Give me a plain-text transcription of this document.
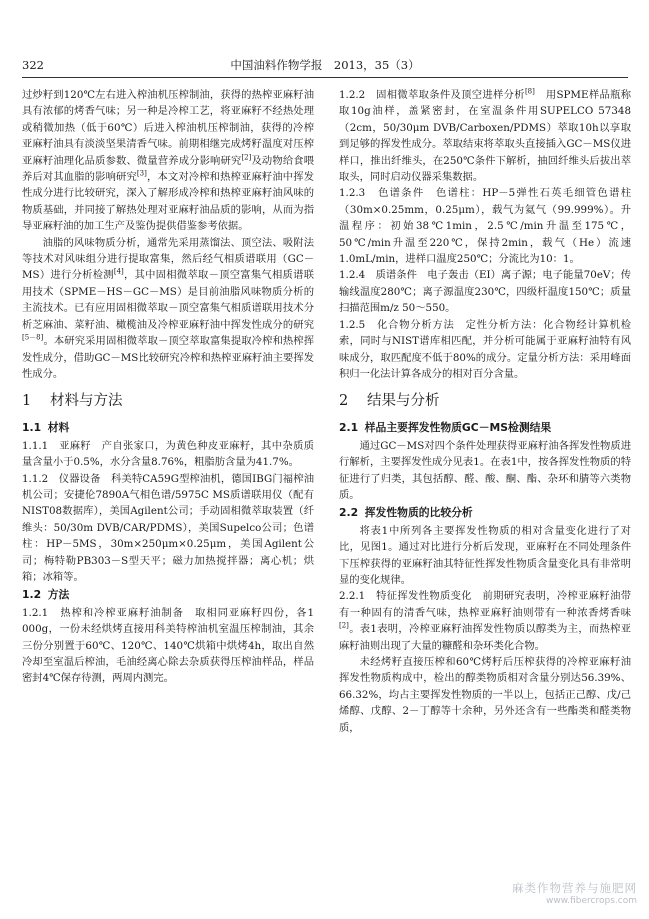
322	中国油料作物学报　2013，35（3）

过炒籽到120℃左右进入榨油机压榨制油，获得的热榨亚麻籽油具有浓郁的烤香气味；另一种是冷榨工艺，将亚麻籽不经热处理或稍微加热（低于60℃）后进入榨油机压榨制油，获得的冷榨亚麻籽油具有淡淡坚果清香气味。前期相继完成烤籽温度对压榨亚麻籽油理化品质参数、微量营养成分影响研究[2]及动物给食喂养后对其血脂的影响研究[3]，本文对冷榨和热榨亚麻籽油中挥发性成分进行比较研究，深入了解形成冷榨和热榨亚麻籽油风味的物质基础，并同接了解热处理对亚麻籽油品质的影响，从而为指导亚麻籽油的加工生产及鉴伪提供借鉴参考依据。

油脂的风味物质分析，通常先采用蒸馏法、顶空法、吸附法等技术对风味组分进行提取富集，然后经气相质谱联用（GC－MS）进行分析检测[4]，其中固相微萃取－顶空富集气相质谱联用技术（SPME－HS－GC－MS）是目前油脂风味物质分析的主流技术。已有应用固相微萃取－顶空富集气相质谱联用技术分析芝麻油、菜籽油、橄榄油及冷榨亚麻籽油中挥发性成分的研究[5－8]。本研究采用固相微萃取－顶空萃取富集提取冷榨和热榨挥发性成分，借助GC－MS比较研究冷榨和热榨亚麻籽油主要挥发性成分。

1 材料与方法
1.1 材料

1.1.1　亚麻籽　产自张家口，为黄色种皮亚麻籽，其中杂质质量含量小于0.5%，水分含量8.76%，粗脂肪含量为41.7%。

1.1.2　仪器设备　科美特CA59G型榨油机，德国IBG门福榨油机公司；安捷伦7890A气相色谱/5975C MS质谱联用仪（配有NIST08数据库），美国Agilent公司；手动固相微萃取装置（纤维头：50/30m DVB/CAR/PDMS），美国Supelco公司；色谱柱：HP－5MS，30m×250μm×0.25μm，美国Agilent公司；梅特勒PB303－S型天平；磁力加热搅拌器；离心机；烘箱；冰箱等。

1.2 方法

1.2.1　热榨和冷榨亚麻籽油制备　取相同亚麻籽四份，各1 000g，一份未经烘烤直接用科美特榨油机室温压榨制油，其余三份分别置于60℃、120℃、140℃烘箱中烘烤4h，取出自然冷却至室温后榨油，毛油经离心除去杂质获得压榨油样品，样品密封4℃保存待测，两周内测完。

1.2.2　固相微萃取条件及顶空进样分析[8]　用SPME样品瓶称取10g油样，盖紧密封，在室温条件用SUPELCO 57348（2cm，50/30μm DVB/Carboxen/PDMS）萃取10h以享取到足够的挥发性成分。萃取结束将萃取头直接插入GC－MS仪进样口，推出纤维头，在250℃条件下解析，抽回纤维头后拔出萃取头，同时启动仪器采集数据。

1.2.3　色谱条件　色谱柱：HP－5弹性石英毛细管色谱柱（30m×0.25mm，0.25μm），载气为氦气（99.999%）。升温程序：初始38℃1min，2.5℃/min升温至175℃，50℃/min升温至220℃，保持2min，载气（He）流速1.0mL/min，进样口温度250℃；分流比为10：1。

1.2.4　质谱条件　电子轰击（EI）离子源；电子能量70eV；传输线温度280℃；离子源温度230℃，四级杆温度150℃；质量扫描范围m/z 50～550。

1.2.5　化合物分析方法　定性分析方法：化合物经计算机检索，同时与NIST谱库相匹配，并分析可能属于亚麻籽油特有风味成分，取匹配度不低于80%的成分。定量分析方法：采用峰面积归一化法计算各成分的相对百分含量。

2 结果与分析
2.1 样品主要挥发性物质GC－MS检测结果

通过GC－MS对四个条件处理获得亚麻籽油各挥发性物质进行解析，主要挥发性成分见表1。在表1中，按各挥发性物质的特征进行了归类，其包括醇、醛、酸、酮、酯、杂环和腈等六类物质。

2.2 挥发性物质的比较分析

将表1中所列各主要挥发性物质的相对含量变化进行了对比，见图1。通过对比进行分析后发现，亚麻籽在不同处理条件下压榨获得的亚麻籽油其特征性挥发性物质含量变化具有非常明显的变化规律。

2.2.1　特征挥发性物质变化　前期研究表明，冷榨亚麻籽油带有一种固有的清香气味，热榨亚麻籽油则带有一种浓香烤香味[2]。表1表明，冷榨亚麻籽油挥发性物质以醇类为主，而热榨亚麻籽油则出现了大量的糠醛和杂环类化合物。

未经烤籽直接压榨和60℃烤籽后压榨获得的冷榨亚麻籽油挥发性物质构成中，检出的醇类物质相对含量分别达56.39%、66.32%，均占主要挥发性物质的一半以上，包括正己醇、戊/己烯醇、戊醇、2－丁醇等十余种，另外还含有一些酯类和醛类物质，

麻类作物营养与施肥网
www.fibercrops.com
